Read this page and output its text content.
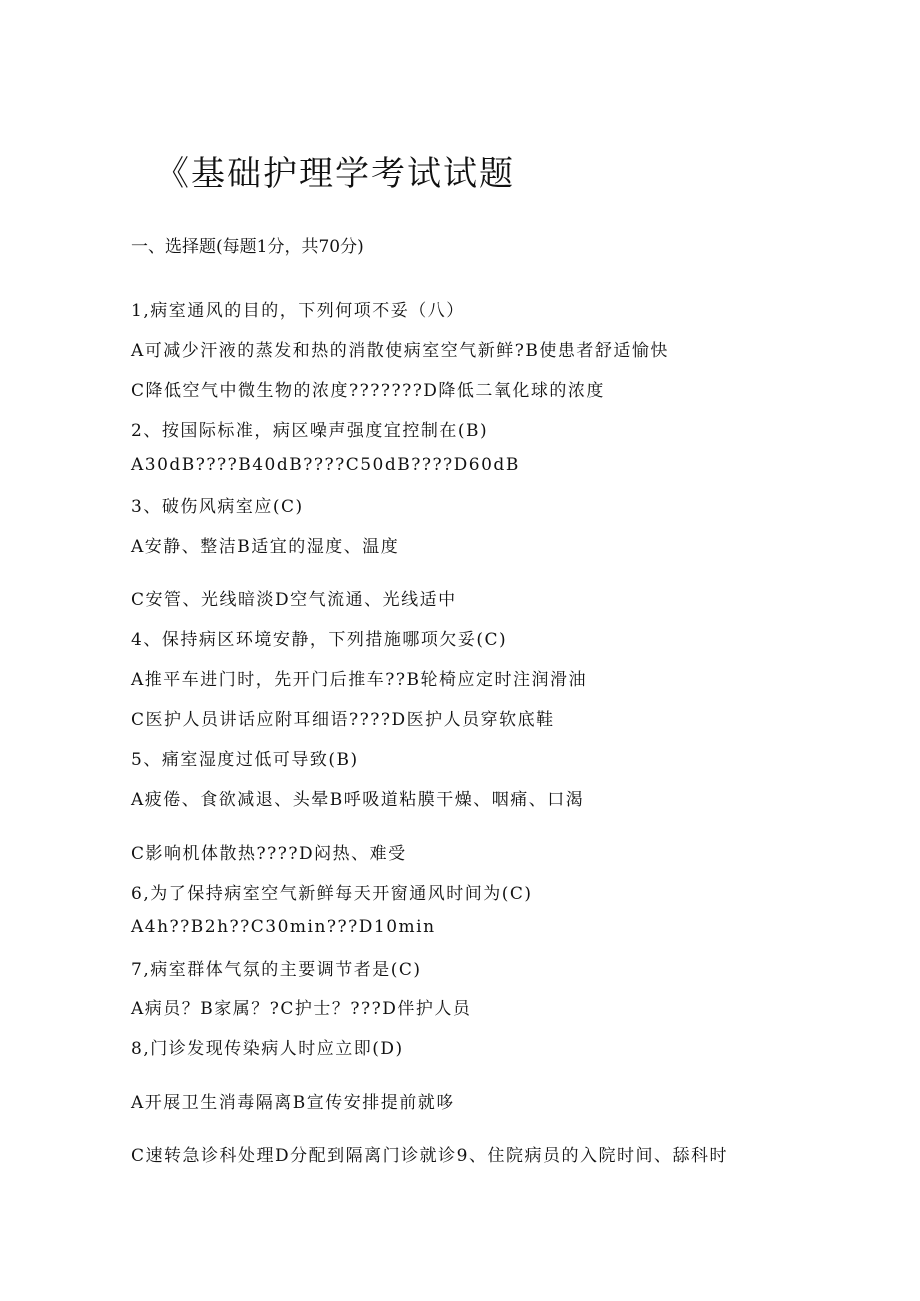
《基础护理学考试试题
一、选择题(每题1分，共70分)
1,病室通风的目的，下列何项不妥（八）
A可减少汗液的蒸发和热的消散使病室空气新鲜?B使患者舒适愉快
C降低空气中微生物的浓度???????D降低二氧化球的浓度
2、按国际标准，病区噪声强度宜控制在(B)
A30dB????B40dB????C50dB????D60dB
3、破伤风病室应(C)
A安静、整洁B适宜的湿度、温度
C安管、光线暗淡D空气流通、光线适中
4、保持病区环境安静，下列措施哪项欠妥(C)
A推平车进门时，先开门后推车??B轮椅应定时注润滑油
C医护人员讲话应附耳细语????D医护人员穿软底鞋
5、痛室湿度过低可导致(B)
A疲倦、食欲减退、头晕B呼吸道粘膜干燥、咽痛、口渴
C影响机体散热????D闷热、难受
6,为了保持病室空气新鲜每天开窗通风时间为(C)
A4h??B2h??C30min???D10min
7,病室群体气氛的主要调节者是(C)
A病员？B家属？?C护士？???D伴护人员
8,门诊发现传染病人时应立即(D)
A开展卫生消毒隔离B宣传安排提前就哆
C速转急诊科处理D分配到隔离门诊就诊9、住院病员的入院时间、舔科时
